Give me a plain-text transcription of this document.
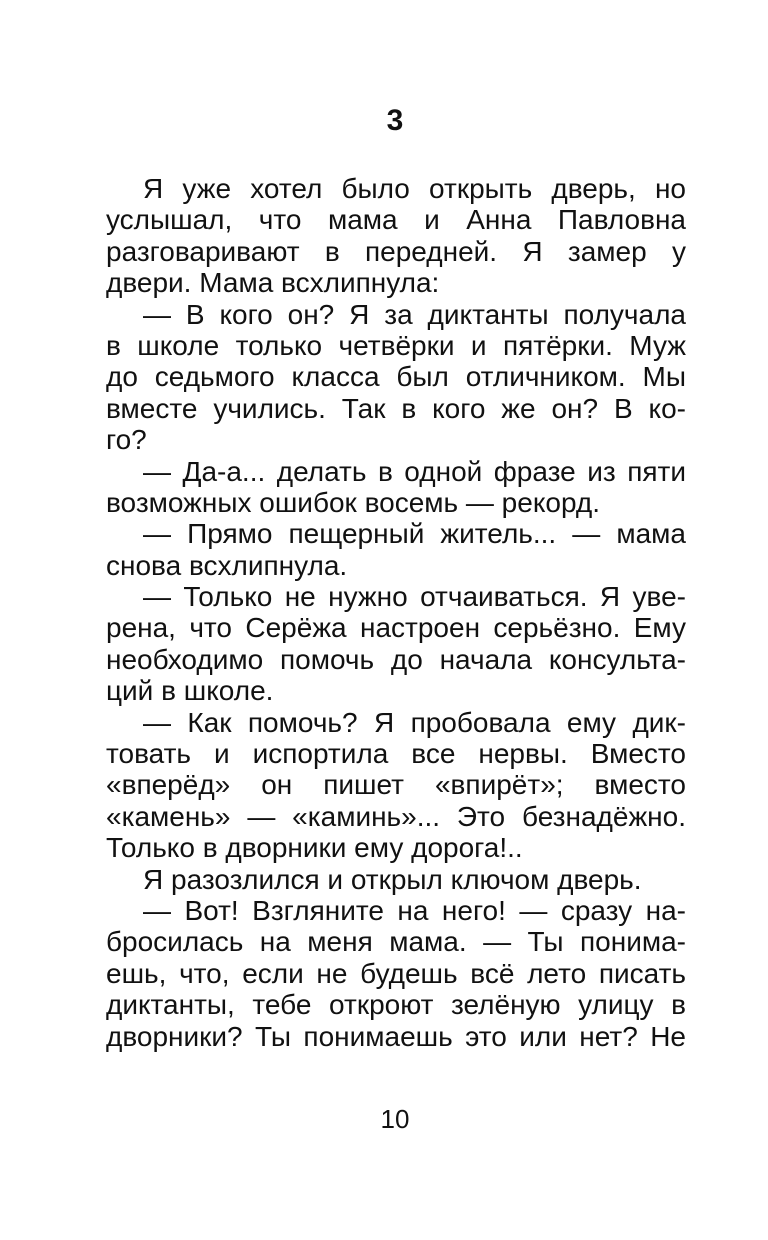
3
Я уже хотел было открыть дверь, но
услышал, что мама и Анна Павловна
разговаривают в передней. Я замер у
двери. Мама всхлипнула:
— В кого он? Я за диктанты получала
в школе только четвёрки и пятёрки. Муж
до седьмого класса был отличником. Мы
вместе учились. Так в кого же он? В ко-
го?
— Да-а... делать в одной фразе из пяти
возможных ошибок восемь — рекорд.
— Прямо пещерный житель... — мама
снова всхлипнула.
— Только не нужно отчаиваться. Я уве-
рена, что Серёжа настроен серьёзно. Ему
необходимо помочь до начала консульта-
ций в школе.
— Как помочь? Я пробовала ему дик-
товать и испортила все нервы. Вместо
«вперёд» он пишет «впирёт»; вместо
«камень» — «каминь»... Это безнадёжно.
Только в дворники ему дорога!..
Я разозлился и открыл ключом дверь.
— Вот! Взгляните на него! — сразу на-
бросилась на меня мама. — Ты понима-
ешь, что, если не будешь всё лето писать
диктанты, тебе откроют зелёную улицу в
дворники? Ты понимаешь это или нет? Не
10
